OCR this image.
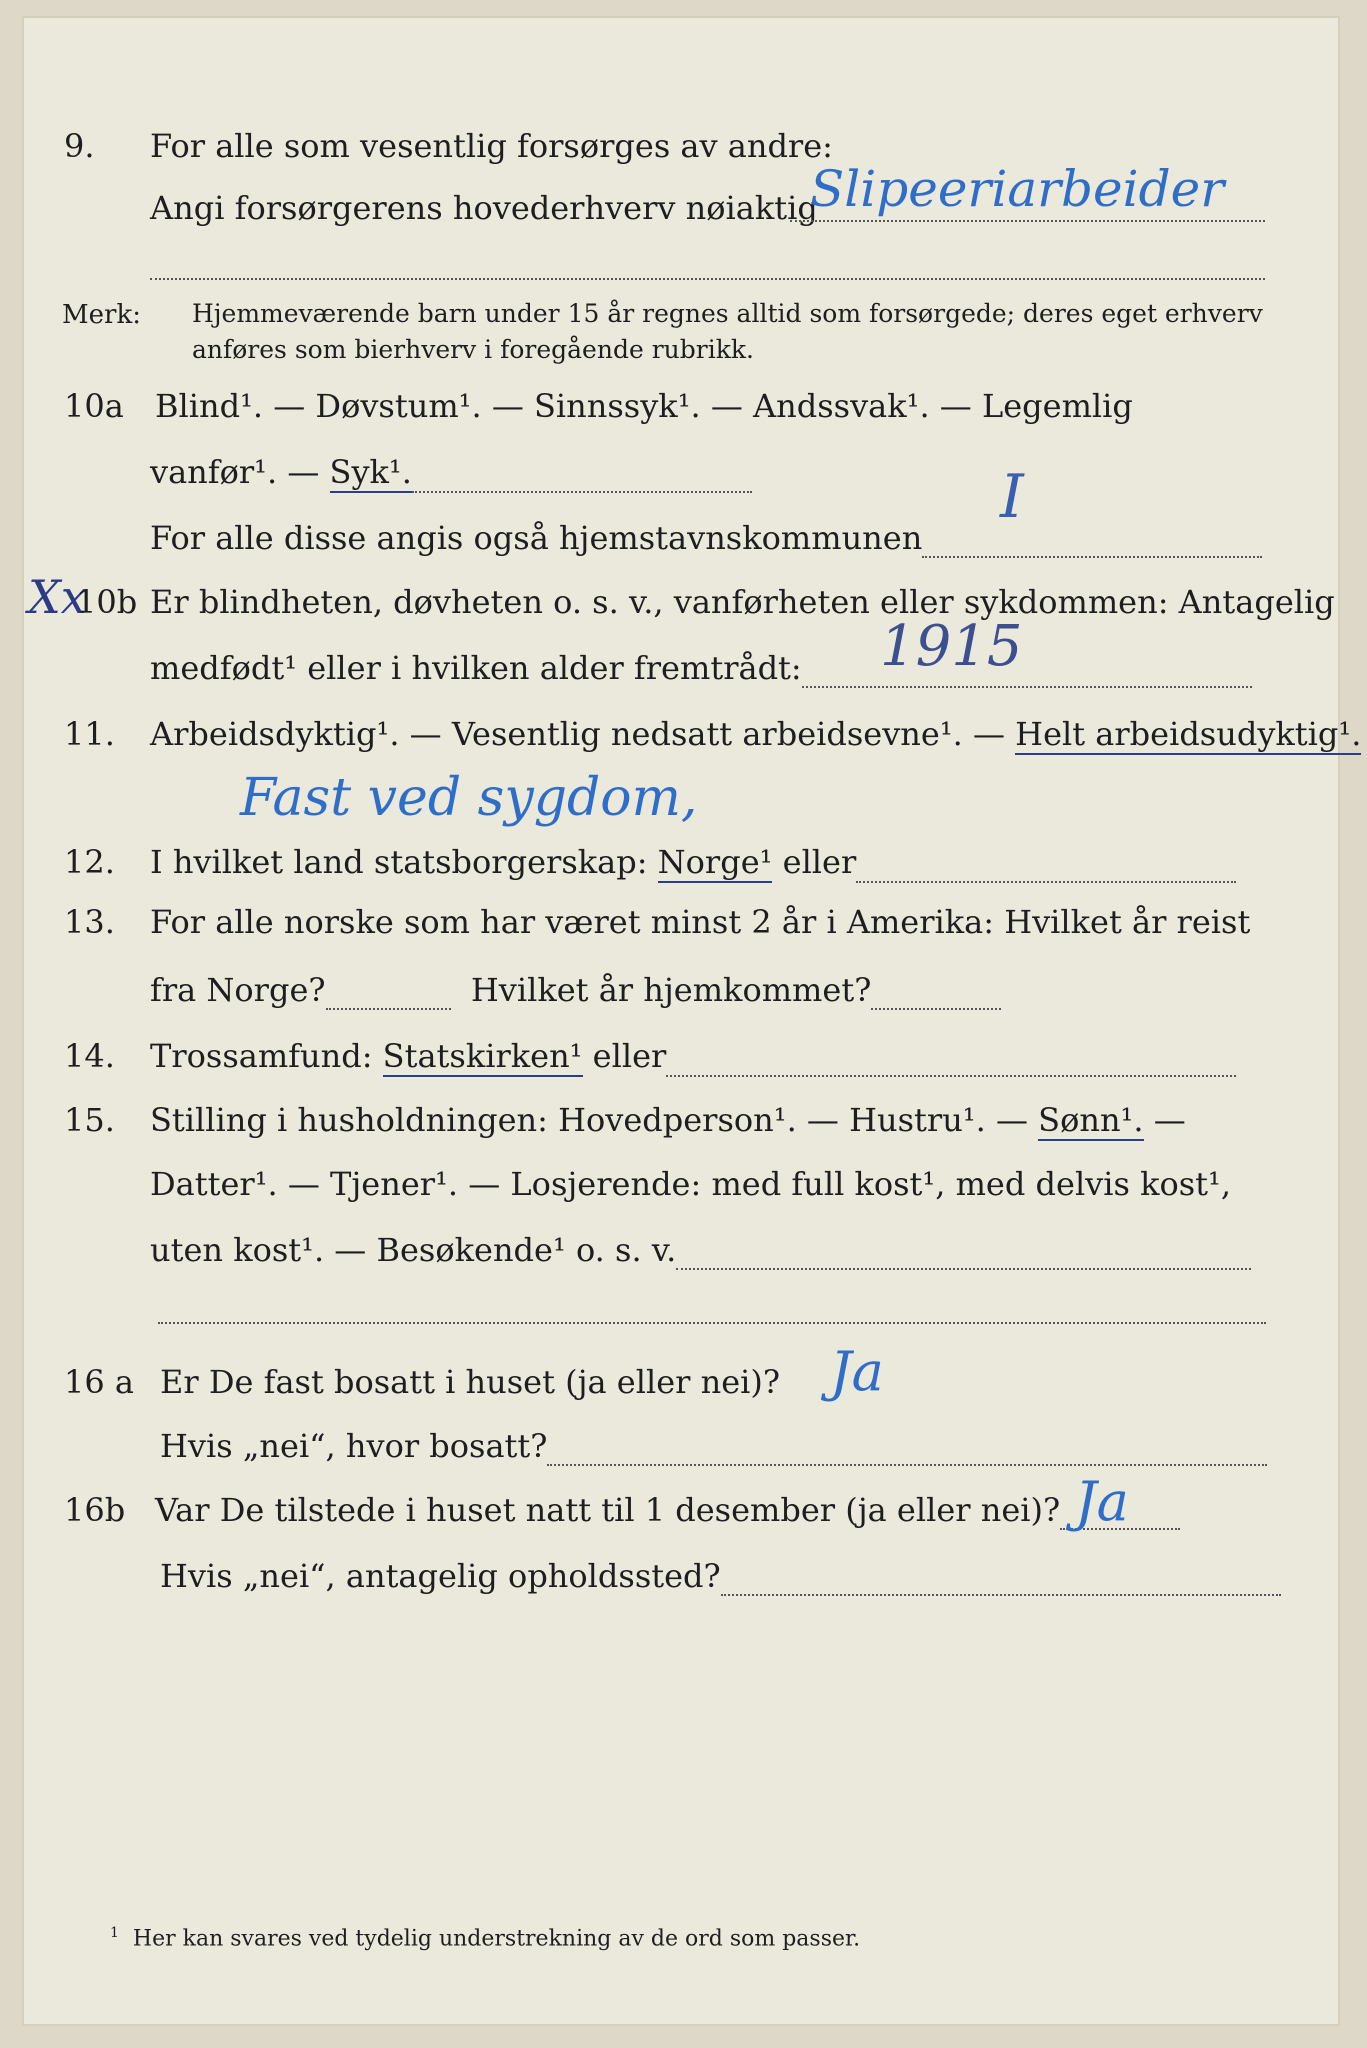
9. For alle som vesentlig forsørges av andre:
Angi forsørgerens hovederhverv nøiaktig
Slipeeriarbeider
Merk: Hjemmeværende barn under 15 år regnes alltid som forsørgede; deres eget erhverv
anføres som bierhverv i foregående rubrikk.
10a Blind¹. — Døvstum¹. — Sinnssyk¹. — Andssvak¹. — Legemlig
vanfør¹. — Syk¹.
For alle disse angis også hjemstavnskommunen
I
Xx
10b Er blindheten, døvheten o. s. v., vanførheten eller sykdommen: Antagelig
medfødt¹ eller i hvilken alder fremtrådt:	1915
11. Arbeidsdyktig¹. — Vesentlig nedsatt arbeidsevne¹. — Helt arbeidsudyktig¹.
Fast ved sygdom,
12. I hvilket land statsborgerskap: Norge¹ eller
13. For alle norske som har været minst 2 år i Amerika: Hvilket år reist
fra Norge?	Hvilket år hjemkommet?
14. Trossamfund: Statskirken¹ eller
15. Stilling i husholdningen: Hovedperson¹. — Hustru¹. — Sønn¹. —
Datter¹. — Tjener¹. — Losjerende: med full kost¹, med delvis kost¹,
uten kost¹. — Besøkende¹ o. s. v.
16 a Er De fast bosatt i huset (ja eller nei)? Ja
Hvis „nei“, hvor bosatt?
16b Var De tilstede i huset natt til 1 desember (ja eller nei)? Ja
Hvis „nei“, antagelig opholdssted?
$^1$ Her kan svares ved tydelig understrekning av de ord som passer.
